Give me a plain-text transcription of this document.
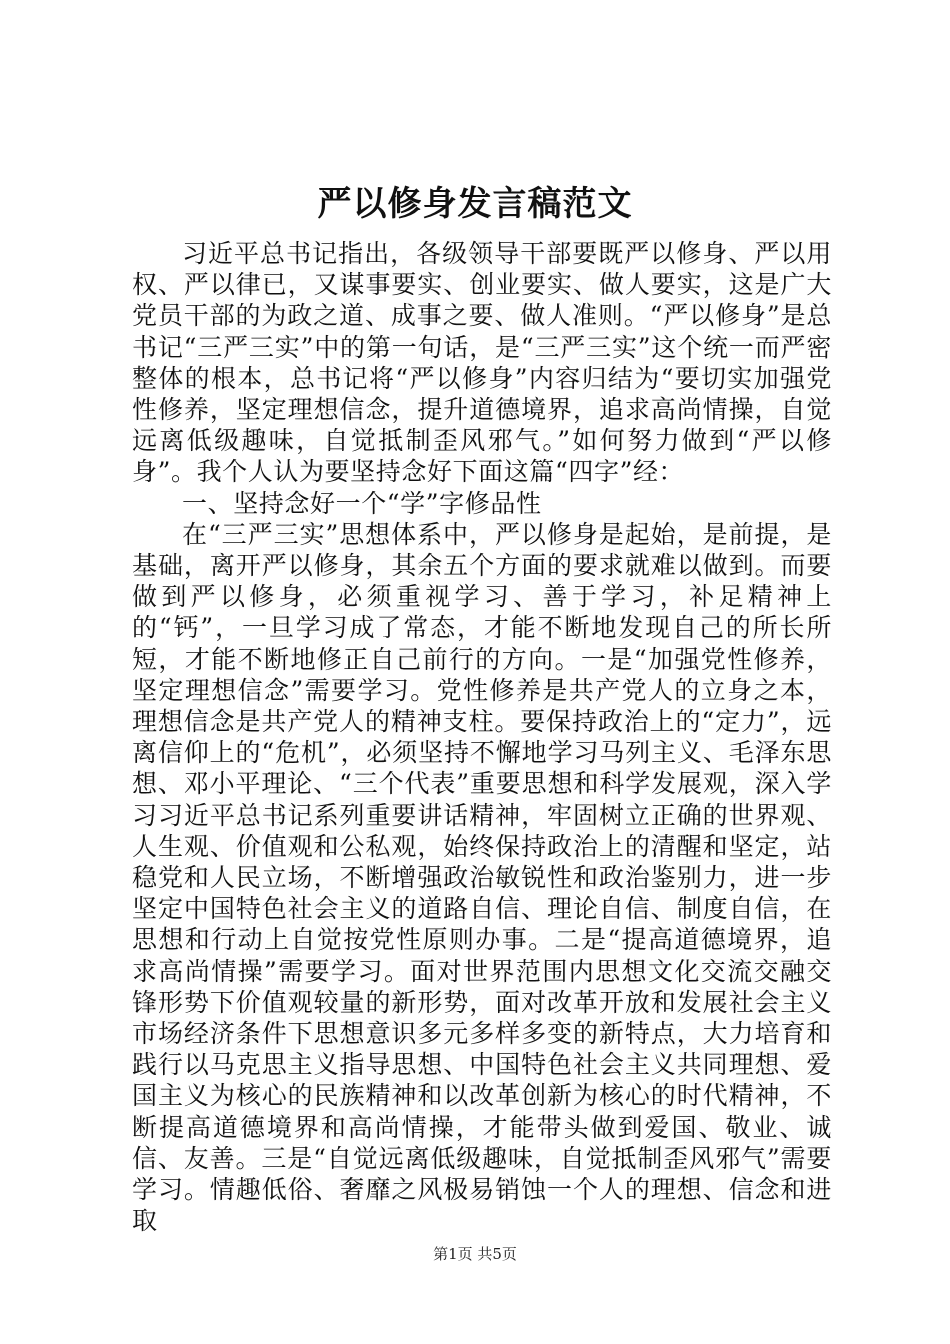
严以修身发言稿范文

习近平总书记指出，各级领导干部要既严以修身、严以用权、严以律已，又谋事要实、创业要实、做人要实，这是广大党员干部的为政之道、成事之要、做人准则。“严以修身”是总书记“三严三实”中的第一句话，是“三严三实”这个统一而严密整体的根本，总书记将“严以修身”内容归结为“要切实加强党性修养，坚定理想信念，提升道德境界，追求高尚情操，自觉远离低级趣味，自觉抵制歪风邪气。”如何努力做到“严以修身”。我个人认为要坚持念好下面这篇“四字”经：

一、坚持念好一个“学”字修品性

在“三严三实”思想体系中，严以修身是起始，是前提，是基础，离开严以修身，其余五个方面的要求就难以做到。而要做到严以修身，必须重视学习、善于学习，补足精神上的“钙”，一旦学习成了常态，才能不断地发现自己的所长所短，才能不断地修正自己前行的方向。一是“加强党性修养，坚定理想信念”需要学习。党性修养是共产党人的立身之本，理想信念是共产党人的精神支柱。要保持政治上的“定力”，远离信仰上的“危机”，必须坚持不懈地学习马列主义、毛泽东思想、邓小平理论、“三个代表”重要思想和科学发展观，深入学习习近平总书记系列重要讲话精神，牢固树立正确的世界观、人生观、价值观和公私观，始终保持政治上的清醒和坚定，站稳党和人民立场，不断增强政治敏锐性和政治鉴别力，进一步坚定中国特色社会主义的道路自信、理论自信、制度自信，在思想和行动上自觉按党性原则办事。二是“提高道德境界，追求高尚情操”需要学习。面对世界范围内思想文化交流交融交锋形势下价值观较量的新形势，面对改革开放和发展社会主义市场经济条件下思想意识多元多样多变的新特点，大力培育和践行以马克思主义指导思想、中国特色社会主义共同理想、爱国主义为核心的民族精神和以改革创新为核心的时代精神，不断提高道德境界和高尚情操，才能带头做到爱国、敬业、诚信、友善。三是“自觉远离低级趣味，自觉抵制歪风邪气”需要学习。情趣低俗、奢靡之风极易销蚀一个人的理想、信念和进取

第1页 共5页
